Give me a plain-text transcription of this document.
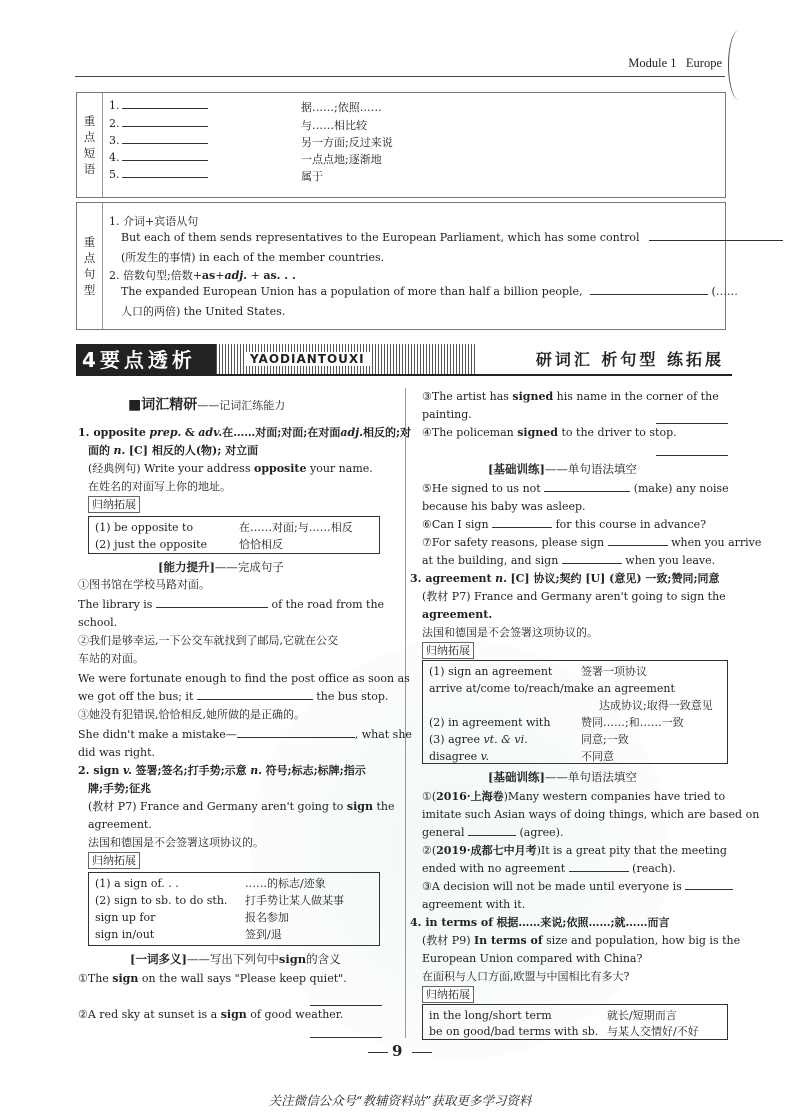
Module 1 Europe
重
点
短
语
1.	据……;依照……
2.	与……相比较
3.	另一方面;反过来说
4.	一点点地;逐渐地
5.	属于
重
点
句
型
1. 介词+宾语从句
But each of them sends representatives to the European Parliament, which has some control
(所发生的事情) in each of the member countries.
2. 倍数句型;倍数+as+adj. + as. . .
The expanded European Union has a population of more than half a billion people,	(……
人口的两倍) the United States.
4要点透析	YAODIANTOUXI	研词汇 析句型 练拓展
■词汇精研——记词汇练能力
1. opposite prep. & adv.在……对面;对面;在对面adj.相反的;对
面的 n. [C] 相反的人(物); 对立面
(经典例句) Write your address opposite your name.
在姓名的对面写上你的地址。
归纳拓展
(1) be opposite to	在……对面;与……相反
(2) just the opposite	恰恰相反
[能力提升]——完成句子
①图书馆在学校马路对面。
The library is	of the road from the
school.
②我们是够幸运,一下公交车就找到了邮局,它就在公交
车站的对面。
We were fortunate enough to find the post office as soon as
we got off the bus; it	the bus stop.
③她没有犯错误,恰恰相反,她所做的是正确的。
She didn't make a mistake—	, what she
did was right.
2. sign v. 签署;签名;打手势;示意 n. 符号;标志;标牌;指示
牌;手势;征兆
(教材 P7) France and Germany aren't going to sign the
agreement.
法国和德国是不会签署这项协议的。
归纳拓展
(1) a sign of. . .	……的标志/迹象
(2) sign to sb. to do sth. 打手势让某人做某事
sign up for	报名参加
sign in/out	签到/退
[一词多义]——写出下列句中sign的含义
①The sign on the wall says "Please keep quiet".
②A red sky at sunset is a sign of good weather.
③The artist has signed his name in the corner of the
painting.
④The policeman signed to the driver to stop.
[基础训练]——单句语法填空
⑤He signed to us not	(make) any noise
because his baby was asleep.
⑥Can I sign	for this course in advance?
⑦For safety reasons, please sign	when you arrive
at the building, and sign	when you leave.
3. agreement n. [C] 协议;契约 [U] (意见) 一致;赞同;同意
(教材 P7) France and Germany aren't going to sign the
agreement.
法国和德国是不会签署这项协议的。
归纳拓展
(1) sign an agreement	签署一项协议
arrive at/come to/reach/make an agreement
达成协议;取得一致意见
(2) in agreement with	赞同……;和……一致
(3) agree vt. & vi.	同意;一致
disagree v.	不同意
[基础训练]——单句语法填空
①(2016·上海卷)Many western companies have tried to
imitate such Asian ways of doing things, which are based on
general	(agree).
②(2019·成都七中月考)It is a great pity that the meeting
ended with no agreement	(reach).
③A decision will not be made until everyone is
agreement with it.
4. in terms of 根据……来说;依照……;就……而言
(教材 P9) In terms of size and population, how big is the
European Union compared with China?
在面积与人口方面,欧盟与中国相比有多大?
归纳拓展
in the long/short term	就长/短期而言
be on good/bad terms with sb. 与某人交情好/不好
9
关注微信公众号“教辅资料站”获取更多学习资料
